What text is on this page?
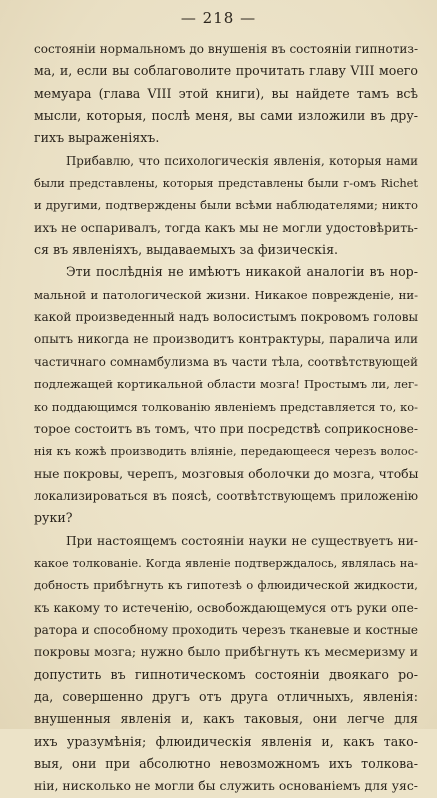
— 218 —
состоянiи нормальномъ до внушенiя въ состоянiи гипнотиз-
ма, и, если вы соблаговолите прочитать главу VIII моего
мемуара (глава VIII этой книги), вы найдете тамъ всѣ
мысли, которыя, послѣ меня, вы сами изложили въ дру-
гихъ выраженiяхъ.
Прибавлю, что психологическiя явленiя, которыя нами
были представлены, которыя представлены были г-омъ Richet
и другими, подтверждены были всѣми наблюдателями; никто
ихъ не оспаривалъ, тогда какъ мы не могли удостовѣрить-
ся въ явленiяхъ, выдаваемыхъ за физическiя.
Эти послѣднiя не имѣютъ никакой аналогiи въ нор-
мальной и патологической жизни. Никакое поврежденiе, ни-
какой произведенный надъ волосистымъ покровомъ головы
опытъ никогда не производитъ контрактуры, паралича или
частичнаго сомнамбулизма въ части тѣла, соотвѣтствующей
подлежащей кортикальной области мозга! Простымъ ли, лег-
ко поддающимся толкованiю явленiемъ представляется то, ко-
торое состоитъ въ томъ, что при посредствѣ соприкоснове-
нiя къ кожѣ производить влiянiе, передающееся черезъ волос-
ные покровы, черепъ, мозговыя оболочки до мозга, чтобы
локализироваться въ поясѣ, соотвѣтствующемъ приложенiю
руки?
При настоящемъ состоянiи науки не существуетъ ни-
какое толкованiе. Когда явленiе подтверждалось, являлась на-
добность прибѣгнуть къ гипотезѣ о флюидической жидкости,
къ какому то истеченiю, освобождающемуся отъ руки опе-
ратора и способному проходить черезъ тканевые и костные
покровы мозга; нужно было прибѣгнуть къ месмеризму и
допустить въ гипнотическомъ состоянiи двоякаго ро-
да, совершенно другъ отъ друга отличныхъ, явленiя:
внушенныя явленiя и, какъ таковыя, они легче для
ихъ уразумѣнiя; флюидическiя явленiя и, какъ тако-
выя, они при абсолютно невозможномъ ихъ толкова-
нiи, нисколько не могли бы служить основанiемъ для уяс-
